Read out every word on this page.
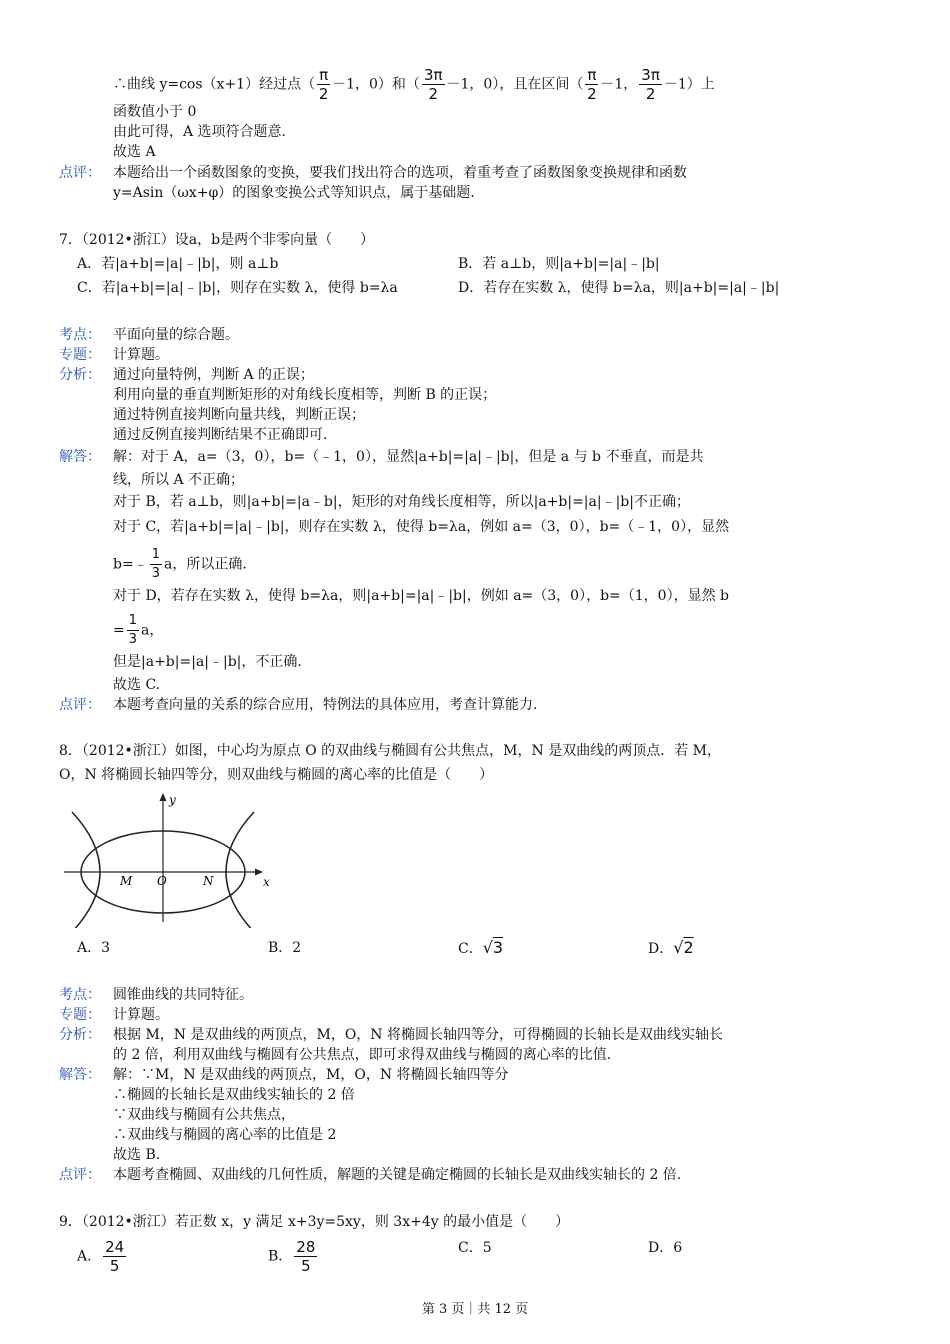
∴曲线 y=cos（x+1）经过点（ $\frac{\pi}{2} -1$，0）和（ $\frac{3\pi}{2} -1$，0），且在区间（ $\frac{\pi}{2} -1$， $\frac{3\pi}{2} -1$）上
函数值小于 0
由此可得，A 选项符合题意.
故选 A
点评： 本题给出一个函数图象的变换，要我们找出符合的选项，着重考查了函数图象变换规律和函数
y=Asin（ωx+φ）的图象变换公式等知识点，属于基础题.
7．（2012•浙江）设a，b是两个非零向量（　　）
A．若|a+b|=|a|﹣|b|，则 a⊥b	B．若 a⊥b，则|a+b|=|a|﹣|b|
C．若|a+b|=|a|﹣|b|，则存在实数 λ，使得 b=λa	D．若存在实数 λ，使得 b=λa，则|a+b|=|a|﹣|b|
考点： 平面向量的综合题。
专题： 计算题。
分析： 通过向量特例，判断 A 的正误；
利用向量的垂直判断矩形的对角线长度相等，判断 B 的正误；
通过特例直接判断向量共线，判断正误；
通过反例直接判断结果不正确即可.
解答： 解：对于 A，a=（3，0），b=（﹣1，0），显然|a+b|=|a|﹣|b|，但是 a 与 b 不垂直，而是共
线，所以 A 不正确；
对于 B，若 a⊥b，则|a+b|=|a﹣b|，矩形的对角线长度相等，所以|a+b|=|a|﹣|b|不正确；
对于 C，若|a+b|=|a|﹣|b|，则存在实数 λ，使得 b=λa，例如 a=（3，0），b=（﹣1，0），显然
b=﹣ $\frac{1}{3}$ a，所以正确.
对于 D，若存在实数 λ，使得 b=λa，则|a+b|=|a|﹣|b|，例如 a=（3，0），b=（1，0），显然 b
= $\frac{1}{3}$ a，
但是|a+b|=|a|﹣|b|，不正确.
故选 C.
点评： 本题考查向量的关系的综合应用，特例法的具体应用，考查计算能力.
8．（2012•浙江）如图，中心均为原点 O 的双曲线与椭圆有公共焦点，M，N 是双曲线的两顶点．若 M，
O，N 将椭圆长轴四等分，则双曲线与椭圆的离心率的比值是（　　）
y
x
M O	N
A．3	B．2	C．√3	D．√2
考点： 圆锥曲线的共同特征。
专题： 计算题。
分析： 根据 M，N 是双曲线的两顶点，M，O，N 将椭圆长轴四等分，可得椭圆的长轴长是双曲线实轴长
的 2 倍，利用双曲线与椭圆有公共焦点，即可求得双曲线与椭圆的离心率的比值.
解答： 解：∵M，N 是双曲线的两顶点，M，O，N 将椭圆长轴四等分
∴椭圆的长轴长是双曲线实轴长的 2 倍
∵双曲线与椭圆有公共焦点，
∴双曲线与椭圆的离心率的比值是 2
故选 B.
点评： 本题考查椭圆、双曲线的几何性质，解题的关键是确定椭圆的长轴长是双曲线实轴长的 2 倍.
9．（2012•浙江）若正数 x，y 满足 x+3y=5xy，则 3x+4y 的最小值是（　　）
A． $\frac{24}{5}$	B． $\frac{28}{5}$	C．5	D．6
第 3 页｜共 12 页
